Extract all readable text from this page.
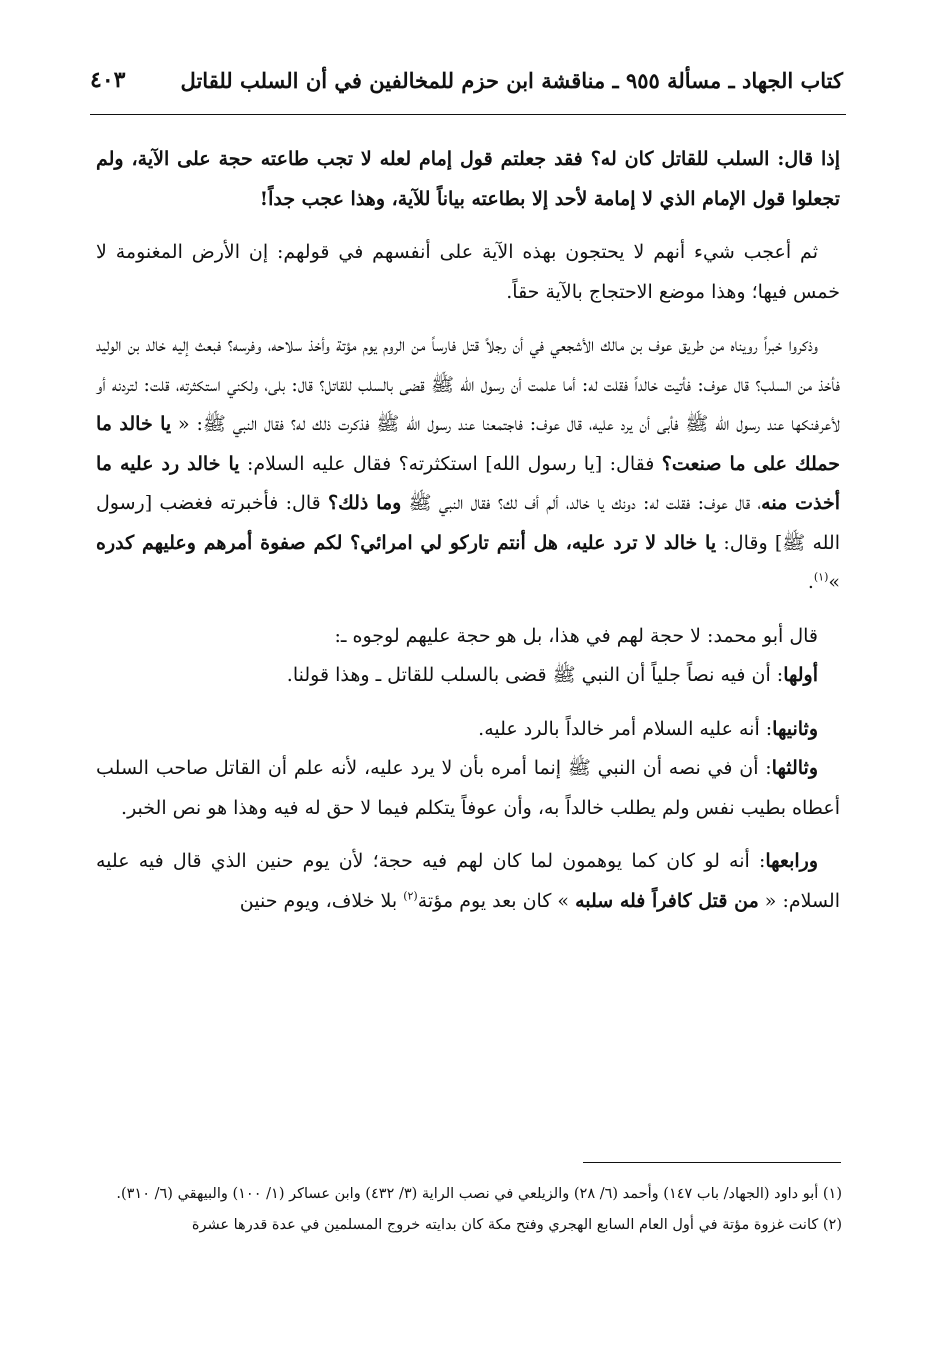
كتاب الجهاد ـ مسألة ٩٥٥ ـ مناقشة ابن حزم للمخالفين في أن السلب للقاتل
٤٠٣

إذا قال: السلب للقاتل كان له؟ فقد جعلتم قول إمام لعله لا تجب طاعته حجة على الآية، ولم تجعلوا قول الإمام الذي لا إمامة لأحد إلا بطاعته بياناً للآية، وهذا عجب جداً!

ثم أعجب شيء أنهم لا يحتجون بهذه الآية على أنفسهم في قولهم: إن الأرض المغنومة لا خمس فيها؛ وهذا موضع الاحتجاج بالآية حقاً.

وذكروا خبراً رويناه من طريق عوف بن مالك الأشجعي في أن رجلاً قتل فارساً من الروم يوم مؤتة وأخذ سلاحه، وفرسه؟ فبعث إليه خالد بن الوليد فأخذ من السلب؟ قال عوف: فأتيت خالداً فقلت له: أما علمت أن رسول الله ﷺ قضى بالسلب للقاتل؟ قال: بلى، ولكني استكثرته، قلت: لتردنه أو لأعرفنكها عند رسول الله ﷺ فأبى أن يرد عليه، قال عوف: فاجتمعنا عند رسول الله ﷺ فذكرت ذلك له؟ فقال النبي ﷺ: « يا خالد ما حملك على ما صنعت؟ فقال: [يا رسول الله] استكثرته؟ فقال عليه السلام: يا خالد رد عليه ما أخذت منه، قال عوف: فقلت له: دونك يا خالد، ألم أف لك؟ فقال النبي ﷺ وما ذلك؟ قال: فأخبرته فغضب [رسول الله ﷺ] وقال: يا خالد لا ترد عليه، هل أنتم تاركو لي امرائي؟ لكم صفوة أمرهم وعليهم كدره »$^{(١)}$.

قال أبو محمد: لا حجة لهم في هذا، بل هو حجة عليهم لوجوه ـ:

أولها: أن فيه نصاً جلياً أن النبي ﷺ قضى بالسلب للقاتل ـ وهذا قولنا.

وثانيها: أنه عليه السلام أمر خالداً بالرد عليه.

وثالثها: أن في نصه أن النبي ﷺ إنما أمره بأن لا يرد عليه، لأنه علم أن القاتل صاحب السلب أعطاه بطيب نفس ولم يطلب خالداً به، وأن عوفاً يتكلم فيما لا حق له فيه وهذا هو نص الخبر.

ورابعها: أنه لو كان كما يوهمون لما كان لهم فيه حجة؛ لأن يوم حنين الذي قال فيه عليه السلام: « من قتل كافراً فله سلبه » كان بعد يوم مؤتة$^{(٢)}$ بلا خلاف، ويوم حنين

(١) أبو داود (الجهاد/ باب ١٤٧) وأحمد (٦/ ٢٨) والزيلعي في نصب الراية (٣/ ٤٣٢) وابن عساكر (١/ ١٠٠) والبيهقي (٦/ ٣١٠).

(٢) كانت غزوة مؤتة في أول العام السابع الهجري وفتح مكة كان بدايته خروج المسلمين في عدة قدرها عشرة
